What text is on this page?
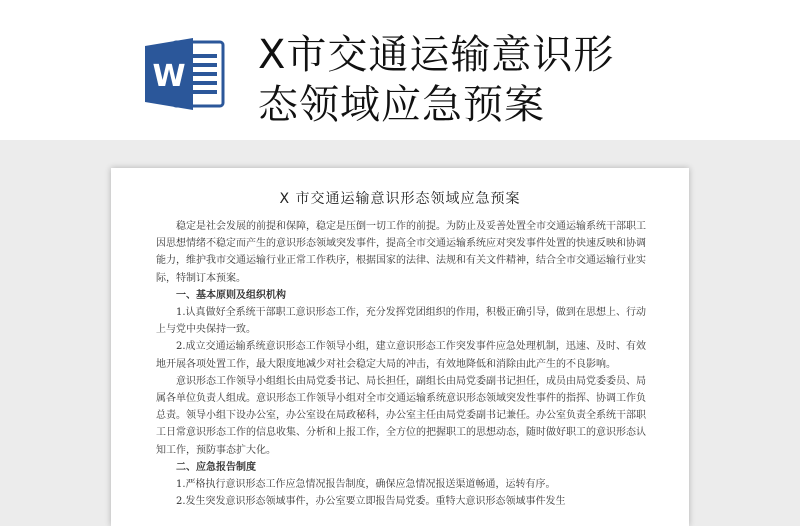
W X市交通运输意识形
态领域应急预案
X 市交通运输意识形态领域应急预案

稳定是社会发展的前提和保障，稳定是压倒一切工作的前提。为防止及妥善处置全市交通运输系统干部职工因思想情绪不稳定而产生的意识形态领域突发事件，提高全市交通运输系统应对突发事件处置的快速反映和协调能力，维护我市交通运输行业正常工作秩序，根据国家的法律、法规和有关文件精神，结合全市交通运输行业实际，特制订本预案。

一、基本原则及组织机构

1.认真做好全系统干部职工意识形态工作，充分发挥党团组织的作用，积极正确引导，做到在思想上、行动上与党中央保持一致。

2.成立交通运输系统意识形态工作领导小组，建立意识形态工作突发事件应急处理机制，迅速、及时、有效地开展各项处置工作，最大限度地减少对社会稳定大局的冲击，有效地降低和消除由此产生的不良影响。

意识形态工作领导小组组长由局党委书记、局长担任，副组长由局党委副书记担任，成员由局党委委员、局属各单位负责人组成。意识形态工作领导小组对全市交通运输系统意识形态领域突发性事件的指挥、协调工作负总责。领导小组下设办公室，办公室设在局政秘科，办公室主任由局党委副书记兼任。办公室负责全系统干部职工日常意识形态工作的信息收集、分析和上报工作，全方位的把握职工的思想动态，随时做好职工的意识形态认知工作，预防事态扩大化。

二、应急报告制度

1.严格执行意识形态工作应急情况报告制度，确保应急情况报送渠道畅通，运转有序。

2.发生突发意识形态领域事件，办公室要立即报告局党委。重特大意识形态领域事件发生
